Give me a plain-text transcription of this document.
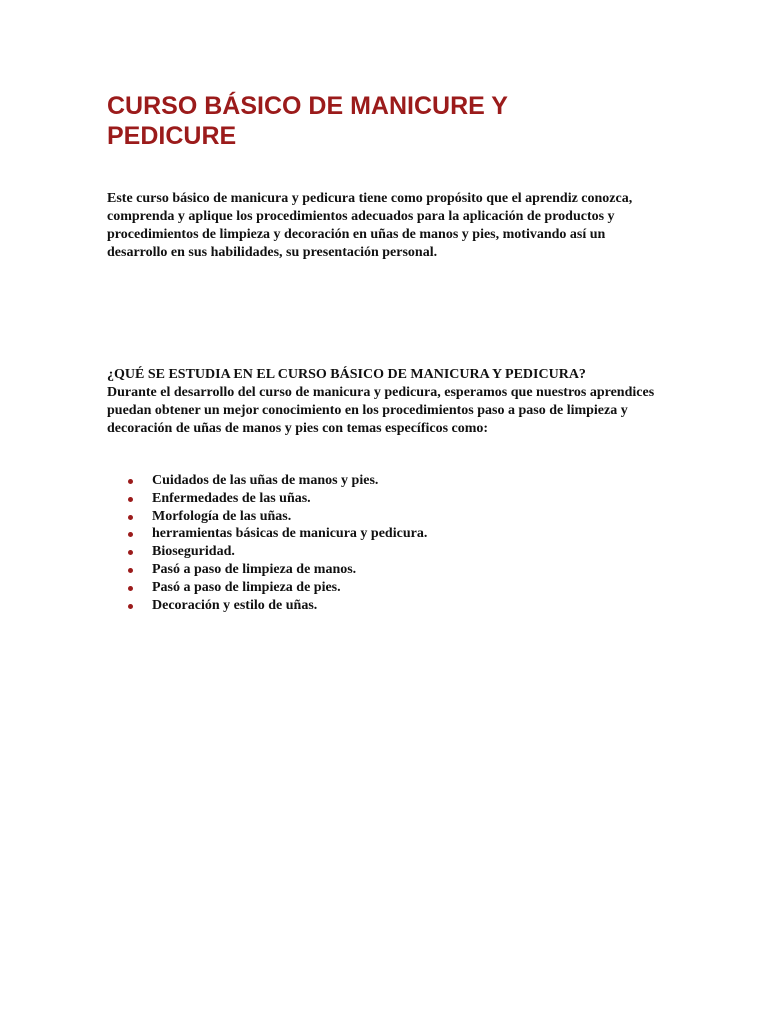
CURSO BÁSICO DE MANICURE Y PEDICURE

Este curso básico de manicura y pedicura tiene como propósito que el aprendiz conozca, comprenda y aplique los procedimientos adecuados para la aplicación de productos y procedimientos de limpieza y decoración en uñas de manos y pies, motivando así un desarrollo en sus habilidades, su presentación personal.

¿QUÉ SE ESTUDIA EN EL CURSO BÁSICO DE MANICURA Y PEDICURA?
Durante el desarrollo del curso de manicura y pedicura, esperamos que nuestros aprendices puedan obtener un mejor conocimiento en los procedimientos paso a paso de limpieza y decoración de uñas de manos y pies con temas específicos como:
Cuidados de las uñas de manos y pies.
Enfermedades de las uñas.
Morfología de las uñas.
herramientas básicas de manicura y pedicura.
Bioseguridad.
Pasó a paso de limpieza de manos.
Pasó a paso de limpieza de pies.
Decoración y estilo de uñas.
